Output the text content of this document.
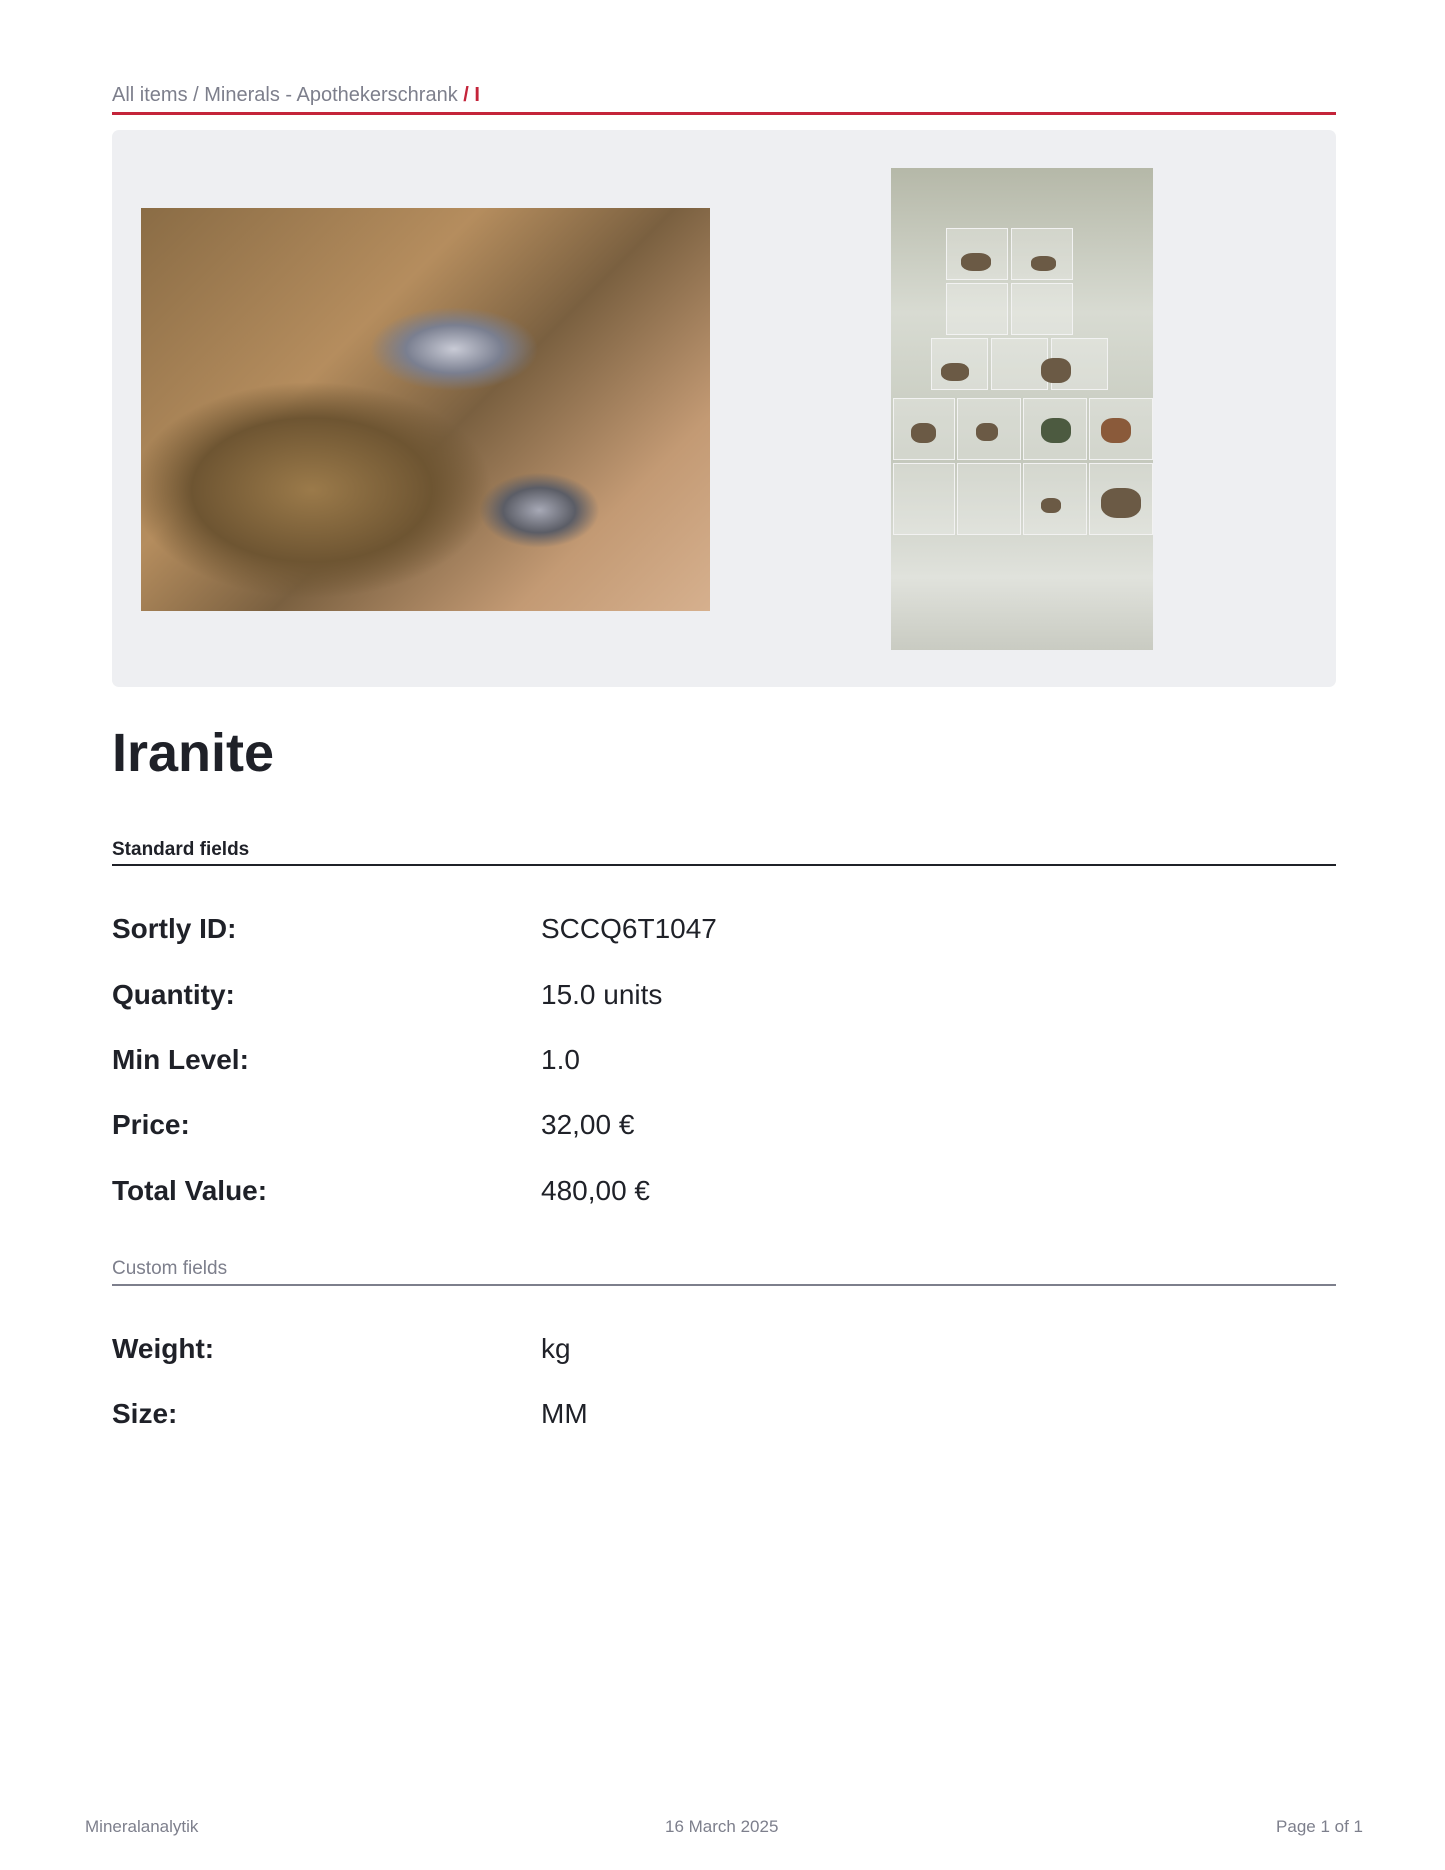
All items / Minerals - Apothekerschrank / I
Iranite
Standard fields
Sortly ID:	SCCQ6T1047
Quantity:	15.0 units
Min Level:	1.0
Price:	32,00 €
Total Value:	480,00 €
Custom fields
Weight:	kg
Size:	MM
Mineralanalytik	16 March 2025	Page 1 of 1
